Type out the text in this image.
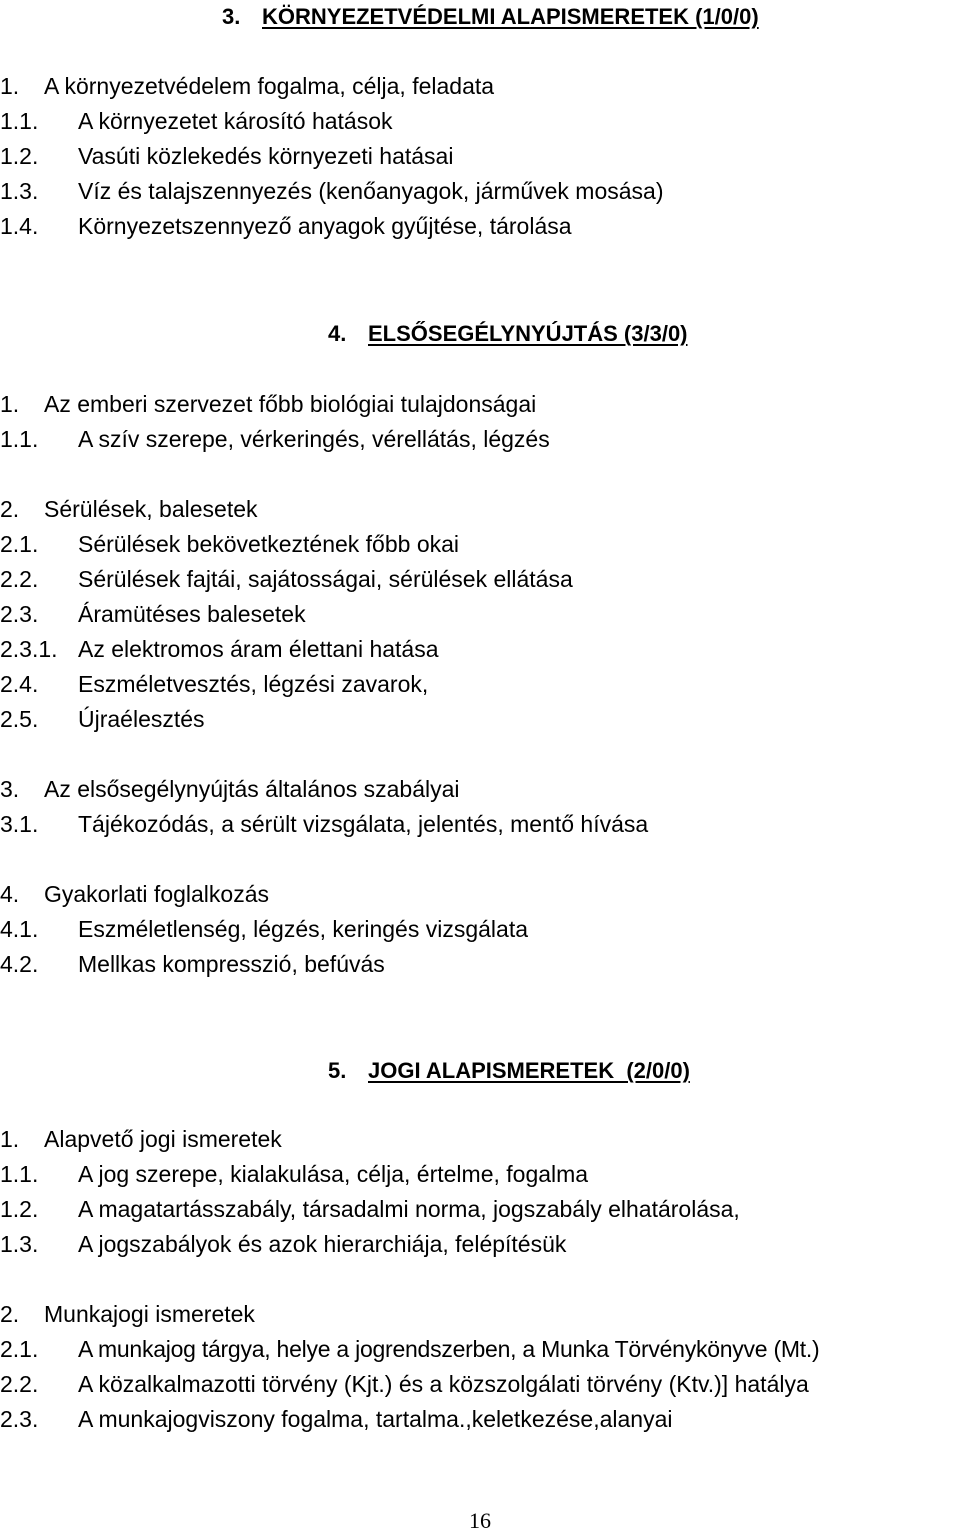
3. KÖRNYEZETVÉDELMI ALAPISMERETEK (1/0/0)
1. A környezetvédelem fogalma, célja, feladata
1.1. A környezetet károsító hatások
1.2. Vasúti közlekedés környezeti hatásai
1.3. Víz és talajszennyezés (kenőanyagok, járművek mosása)
1.4. Környezetszennyező anyagok gyűjtése, tárolása
4. ELSŐSEGÉLYNYÚJTÁS (3/3/0)
1. Az emberi szervezet főbb biológiai tulajdonságai
1.1. A szív szerepe, vérkeringés, vérellátás, légzés
2. Sérülések, balesetek
2.1. Sérülések bekövetkeztének főbb okai
2.2. Sérülések fajtái, sajátosságai, sérülések ellátása
2.3. Áramütéses balesetek
2.3.1. Az elektromos áram élettani hatása
2.4. Eszméletvesztés, légzési zavarok,
2.5. Újraélesztés
3. Az elsősegélynyújtás általános szabályai
3.1. Tájékozódás, a sérült vizsgálata, jelentés, mentő hívása
4. Gyakorlati foglalkozás
4.1. Eszméletlenség, légzés, keringés vizsgálata
4.2. Mellkas kompresszió, befúvás
5. JOGI ALAPISMERETEK  (2/0/0)
1. Alapvető jogi ismeretek
1.1. A jog szerepe, kialakulása, célja, értelme, fogalma
1.2. A magatartásszabály, társadalmi norma, jogszabály elhatárolása,
1.3. A jogszabályok és azok hierarchiája, felépítésük
2. Munkajogi ismeretek
2.1. A munkajog tárgya, helye a jogrendszerben, a Munka Törvénykönyve (Mt.)
2.2. A közalkalmazotti törvény (Kjt.) és a közszolgálati törvény (Ktv.)] hatálya
2.3. A munkajogviszony fogalma, tartalma.,keletkezése,alanyai
16
